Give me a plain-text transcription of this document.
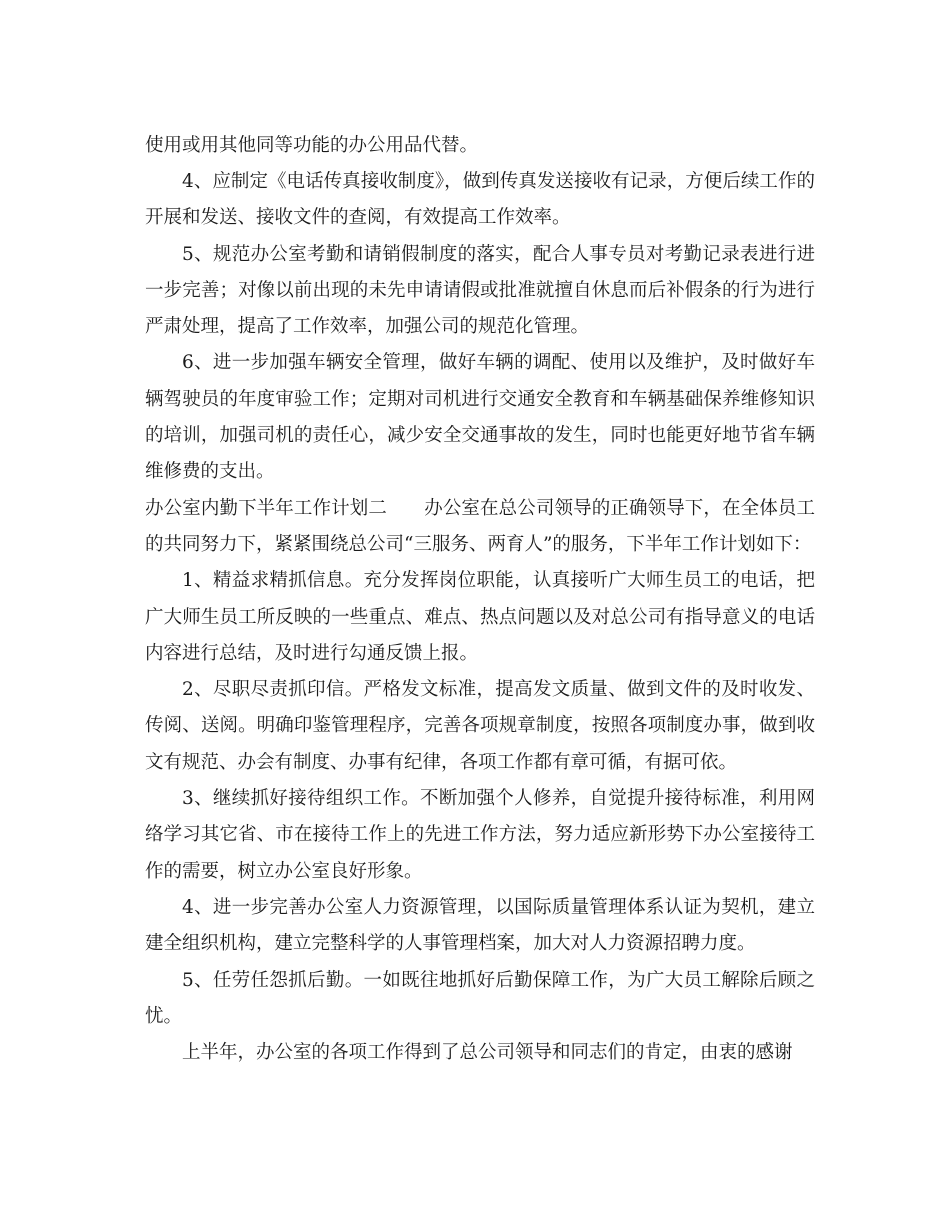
使用或用其他同等功能的办公用品代替。

4、应制定《电话传真接收制度》，做到传真发送接收有记录，方便后续工作的开展和发送、接收文件的查阅，有效提高工作效率。

5、规范办公室考勤和请销假制度的落实，配合人事专员对考勤记录表进行进一步完善；对像以前出现的未先申请请假或批准就擅自休息而后补假条的行为进行严肃处理，提高了工作效率，加强公司的规范化管理。

6、进一步加强车辆安全管理，做好车辆的调配、使用以及维护，及时做好车辆驾驶员的年度审验工作；定期对司机进行交通安全教育和车辆基础保养维修知识的培训，加强司机的责任心，减少安全交通事故的发生，同时也能更好地节省车辆维修费的支出。

办公室内勤下半年工作计划二　　办公室在总公司领导的正确领导下，在全体员工的共同努力下，紧紧围绕总公司“三服务、两育人”的服务，下半年工作计划如下：

1、精益求精抓信息。充分发挥岗位职能，认真接听广大师生员工的电话，把广大师生员工所反映的一些重点、难点、热点问题以及对总公司有指导意义的电话内容进行总结，及时进行勾通反馈上报。

2、尽职尽责抓印信。严格发文标准，提高发文质量、做到文件的及时收发、传阅、送阅。明确印鉴管理程序，完善各项规章制度，按照各项制度办事，做到收文有规范、办会有制度、办事有纪律，各项工作都有章可循，有据可依。

3、继续抓好接待组织工作。不断加强个人修养，自觉提升接待标准，利用网络学习其它省、市在接待工作上的先进工作方法，努力适应新形势下办公室接待工作的需要，树立办公室良好形象。

4、进一步完善办公室人力资源管理，以国际质量管理体系认证为契机，建立建全组织机构，建立完整科学的人事管理档案，加大对人力资源招聘力度。

5、任劳任怨抓后勤。一如既往地抓好后勤保障工作，为广大员工解除后顾之忧。

上半年，办公室的各项工作得到了总公司领导和同志们的肯定，由衷的感谢
